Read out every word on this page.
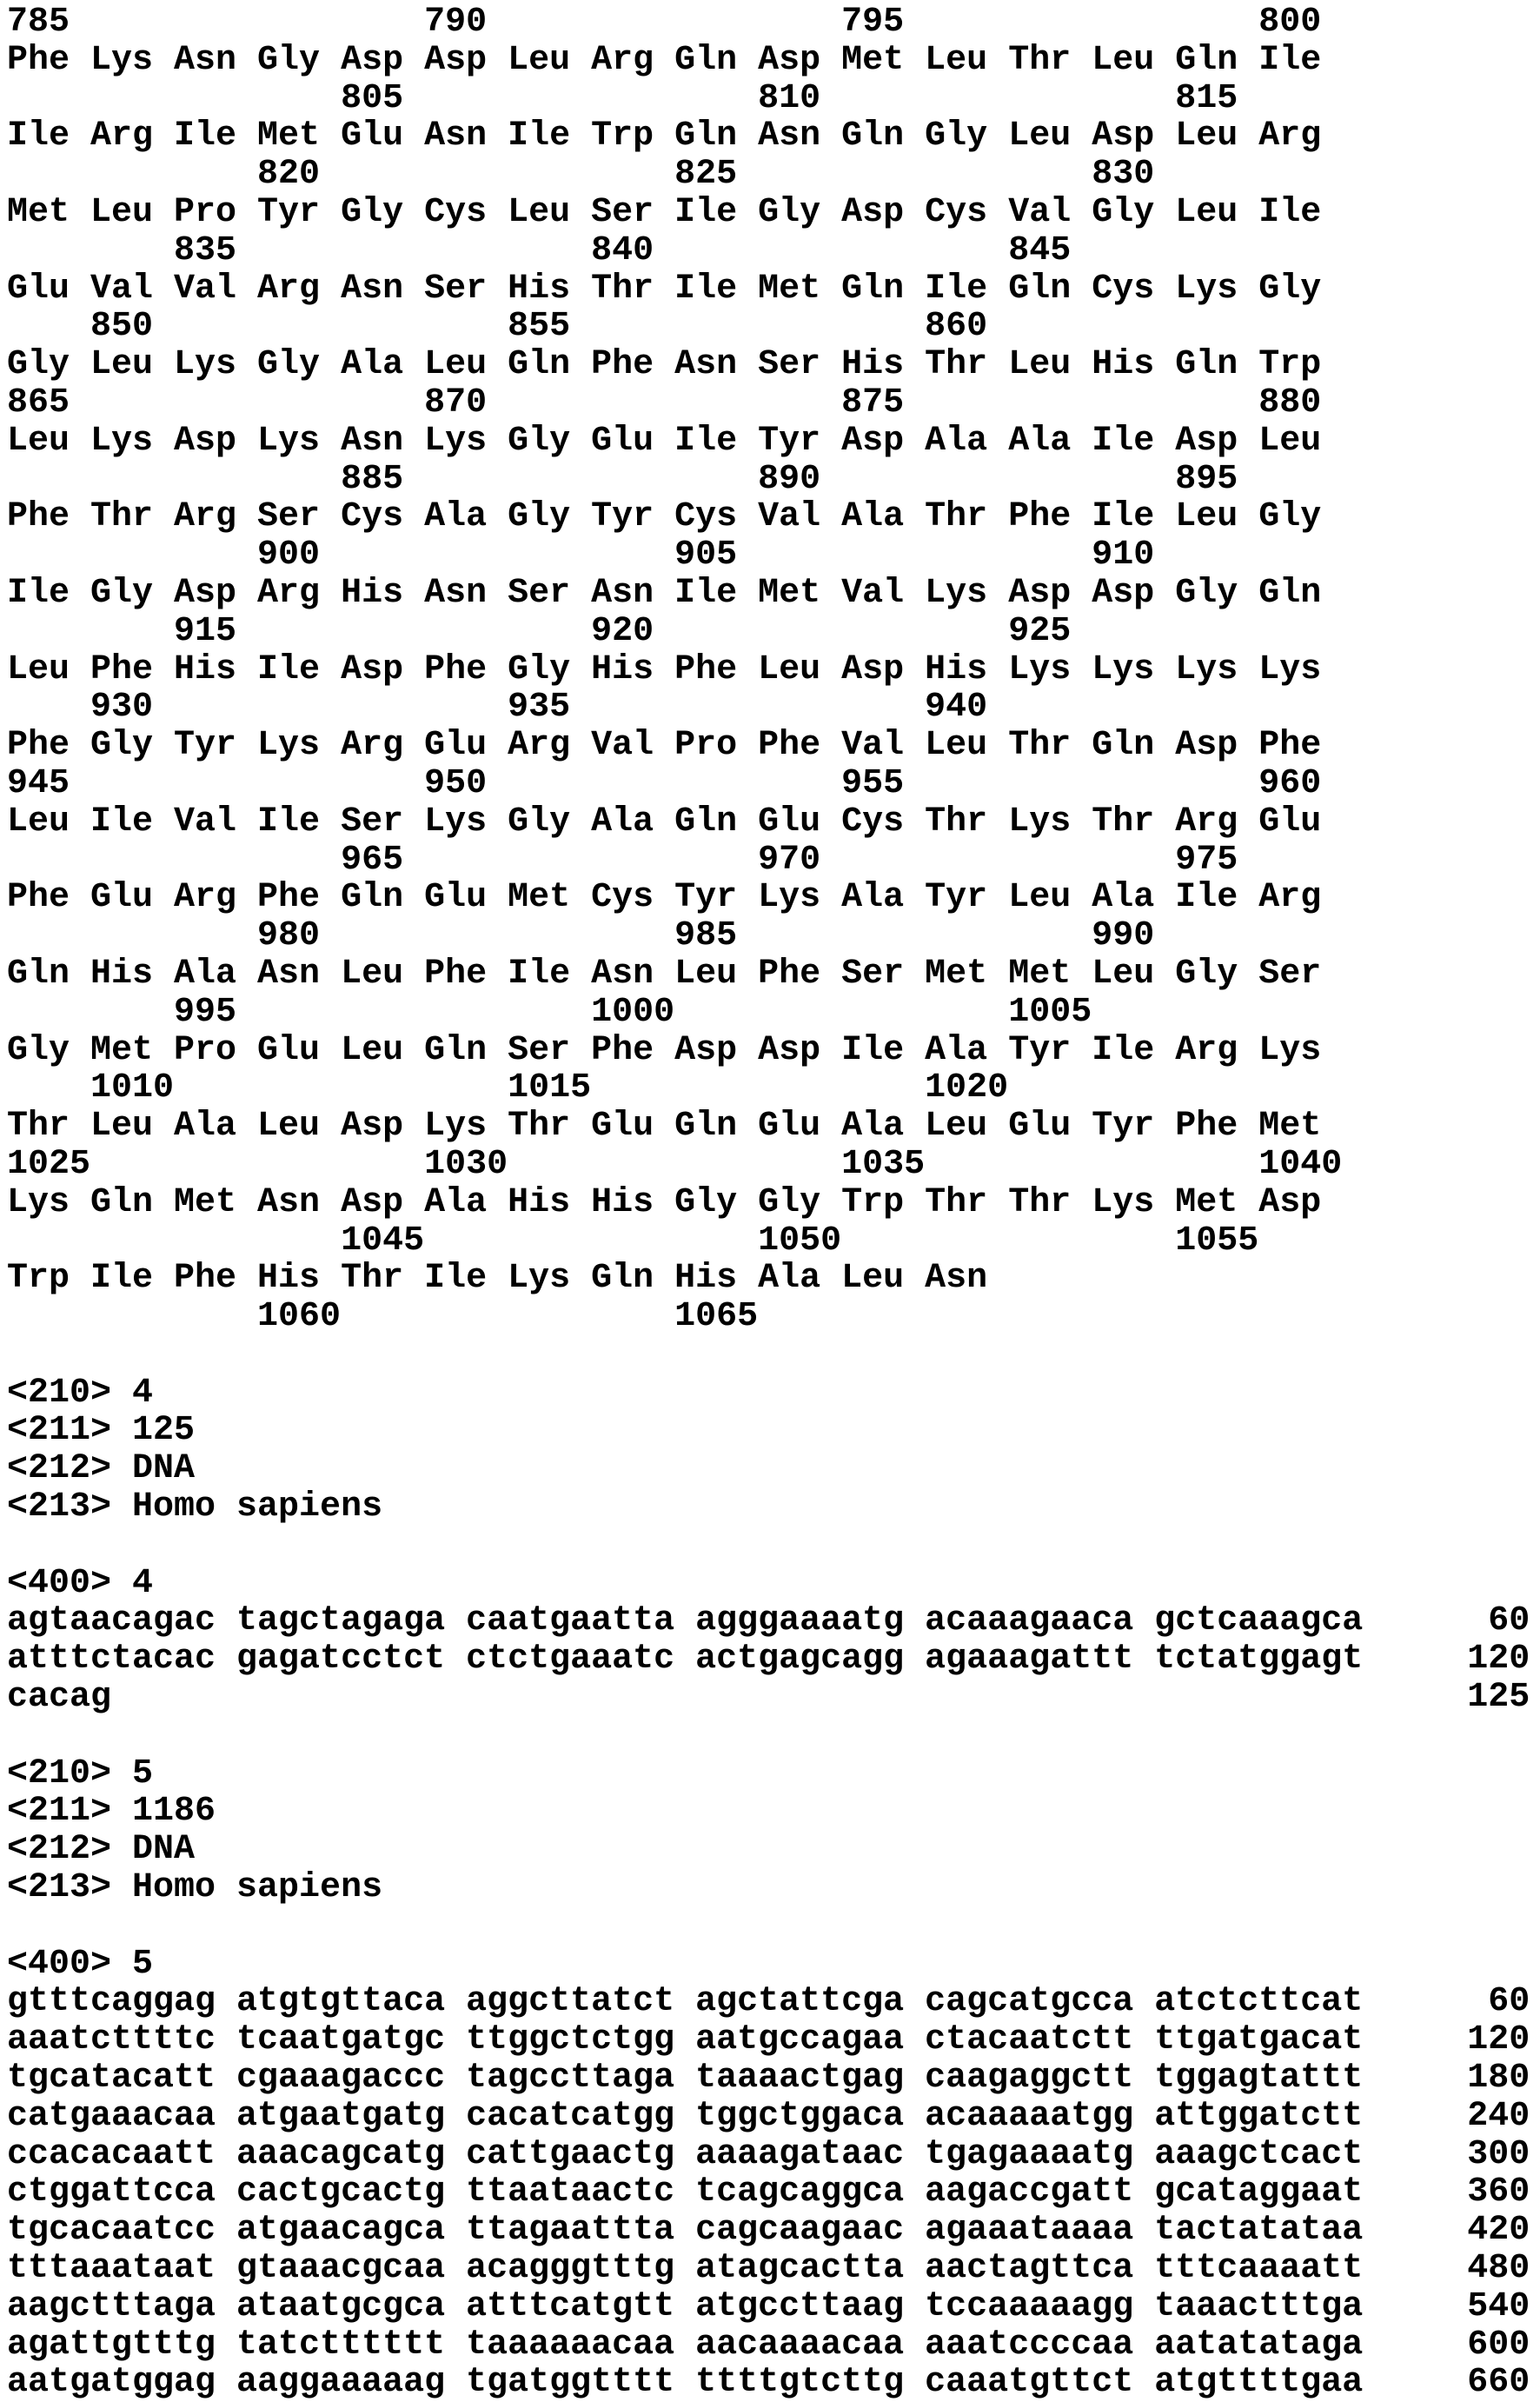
785                 790                 795                 800
Phe Lys Asn Gly Asp Asp Leu Arg Gln Asp Met Leu Thr Leu Gln Ile
805                 810                 815
Ile Arg Ile Met Glu Asn Ile Trp Gln Asn Gln Gly Leu Asp Leu Arg
820                 825                 830
Met Leu Pro Tyr Gly Cys Leu Ser Ile Gly Asp Cys Val Gly Leu Ile
835                 840                 845
Glu Val Val Arg Asn Ser His Thr Ile Met Gln Ile Gln Cys Lys Gly
850                 855                 860
Gly Leu Lys Gly Ala Leu Gln Phe Asn Ser His Thr Leu His Gln Trp
865                 870                 875                 880
Leu Lys Asp Lys Asn Lys Gly Glu Ile Tyr Asp Ala Ala Ile Asp Leu
885                 890                 895
Phe Thr Arg Ser Cys Ala Gly Tyr Cys Val Ala Thr Phe Ile Leu Gly
900                 905                 910
Ile Gly Asp Arg His Asn Ser Asn Ile Met Val Lys Asp Asp Gly Gln
915                 920                 925
Leu Phe His Ile Asp Phe Gly His Phe Leu Asp His Lys Lys Lys Lys
930                 935                 940
Phe Gly Tyr Lys Arg Glu Arg Val Pro Phe Val Leu Thr Gln Asp Phe
945                 950                 955                 960
Leu Ile Val Ile Ser Lys Gly Ala Gln Glu Cys Thr Lys Thr Arg Glu
965                 970                 975
Phe Glu Arg Phe Gln Glu Met Cys Tyr Lys Ala Tyr Leu Ala Ile Arg
980                 985                 990
Gln His Ala Asn Leu Phe Ile Asn Leu Phe Ser Met Met Leu Gly Ser
995                 1000                1005
Gly Met Pro Glu Leu Gln Ser Phe Asp Asp Ile Ala Tyr Ile Arg Lys
1010                1015                1020
Thr Leu Ala Leu Asp Lys Thr Glu Gln Glu Ala Leu Glu Tyr Phe Met
1025                1030                1035                1040
Lys Gln Met Asn Asp Ala His His Gly Gly Trp Thr Thr Lys Met Asp
1045                1050                1055
Trp Ile Phe His Thr Ile Lys Gln His Ala Leu Asn
1060                1065
<210> 4
<211> 125
<212> DNA
<213> Homo sapiens
<400> 4
agtaacagac tagctagaga caatgaatta agggaaaatg acaaagaaca gctcaaagca      60
atttctacac gagatcctct ctctgaaatc actgagcagg agaaagattt tctatggagt     120
cacag                                                                 125
<210> 5
<211> 1186
<212> DNA
<213> Homo sapiens
<400> 5
gtttcaggag atgtgttaca aggcttatct agctattcga cagcatgcca atctcttcat      60
aaatcttttc tcaatgatgc ttggctctgg aatgccagaa ctacaatctt ttgatgacat     120
tgcatacatt cgaaagaccc tagccttaga taaaactgag caagaggctt tggagtattt     180
catgaaacaa atgaatgatg cacatcatgg tggctggaca acaaaaatgg attggatctt     240
ccacacaatt aaacagcatg cattgaactg aaaagataac tgagaaaatg aaagctcact     300
ctggattcca cactgcactg ttaataactc tcagcaggca aagaccgatt gcataggaat     360
tgcacaatcc atgaacagca ttagaattta cagcaagaac agaaataaaa tactatataa     420
tttaaataat gtaaacgcaa acagggtttg atagcactta aactagttca tttcaaaatt     480
aagctttaga ataatgcgca atttcatgtt atgccttaag tccaaaaagg taaactttga     540
agattgtttg tatctttttt taaaaaacaa aacaaaacaa aaatccccaa aatatataga     600
aatgatggag aaggaaaaag tgatggtttt ttttgtcttg caaatgttct atgttttgaa     660
